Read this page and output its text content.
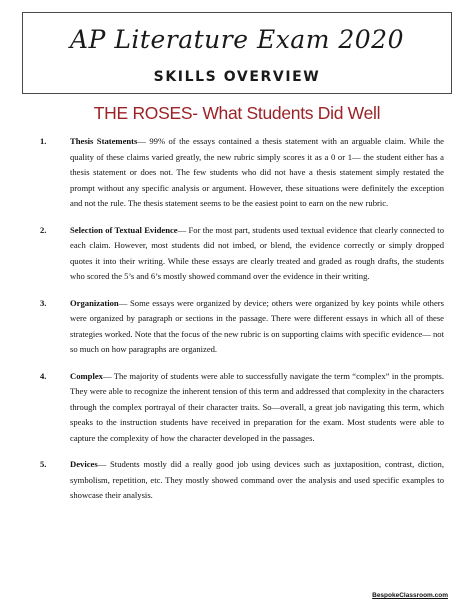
AP Literature Exam 2020
SKILLS OVERVIEW
THE ROSES- What Students Did Well
1.	Thesis Statements— 99% of the essays contained a thesis statement with an arguable claim. While the quality of these claims varied greatly, the new rubric simply scores it as a 0 or 1— the student either has a thesis statement or does not. The few students who did not have a thesis statement simply restated the prompt without any specific analysis or argument. However, these situations were definitely the exception and not the rule. The thesis statement seems to be the easiest point to earn on the new rubric.
2.	Selection of Textual Evidence— For the most part, students used textual evidence that clearly connected to each claim. However, most students did not imbed, or blend, the evidence correctly or simply dropped quotes it into their writing. While these essays are clearly treated and graded as rough drafts, the students who scored the 5’s and 6’s mostly showed command over the evidence in their writing.
3.	Organization— Some essays were organized by device; others were organized by key points while others were organized by paragraph or sections in the passage. There were different essays in which all of these strategies worked. Note that the focus of the new rubric is on supporting claims with specific evidence— not so much on how paragraphs are organized.
4.	Complex— The majority of students were able to successfully navigate the term “complex” in the prompts. They were able to recognize the inherent tension of this term and addressed that complexity in the characters through the complex portrayal of their character traits. So—overall, a great job navigating this term, which speaks to the instruction students have received in preparation for the exam. Most students were able to capture the complexity of how the character developed in the passages.
5.	Devices— Students mostly did a really good job using devices such as juxtaposition, contrast, diction, symbolism, repetition, etc. They mostly showed command over the analysis and used specific examples to showcase their analysis.
BespokeClassroom.com
